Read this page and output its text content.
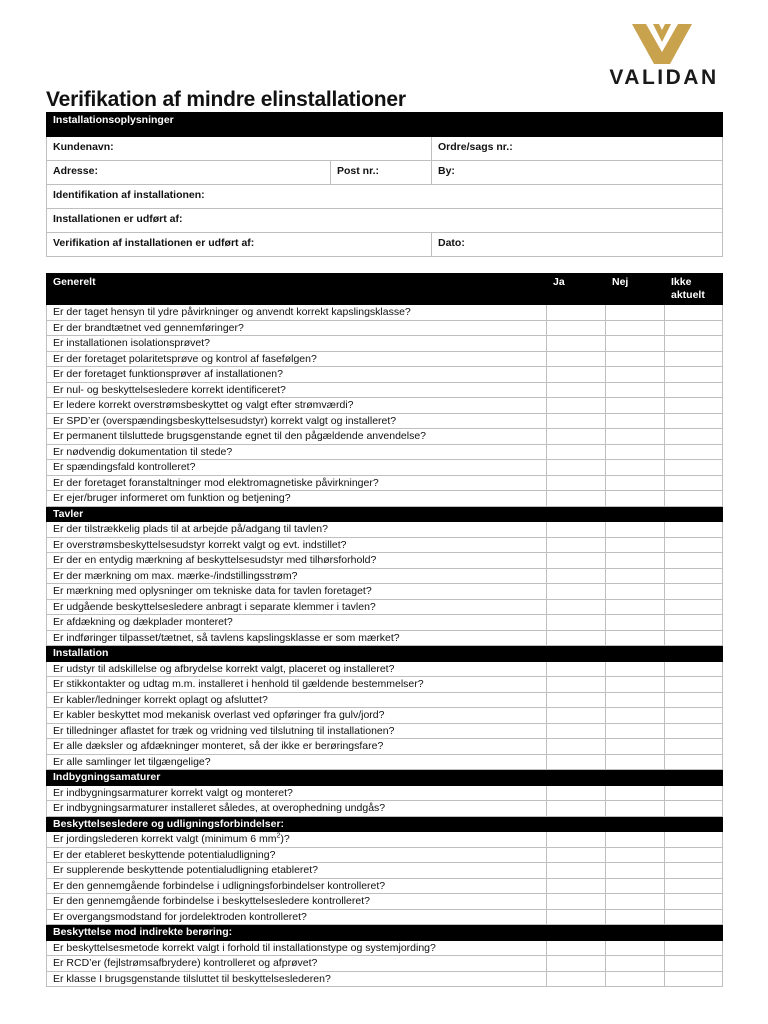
VALIDAN
Verifikation af mindre elinstallationer
Installationsoplysninger		
Kundenavn:		Ordre/sags nr.:
Adresse:	Post nr.:	By:
Identifikation af installationen:		
Installationen er udført af:		
Verifikation af installationen er udført af:		Dato:
Generelt	Ja	Nej	Ikke aktuelt
Er der taget hensyn til ydre påvirkninger og anvendt korrekt kapslingsklasse?			
Er der brandtætnet ved gennemføringer?			
Er installationen isolationsprøvet?			
Er der foretaget polaritetsprøve og kontrol af fasefølgen?			
Er der foretaget funktionsprøver af installationen?			
Er nul- og beskyttelsesledere korrekt identificeret?			
Er ledere korrekt overstrømsbeskyttet og valgt efter strømværdi?			
Er SPD’er (overspændingsbeskyttelsesudstyr) korrekt valgt og installeret?			
Er permanent tilsluttede brugsgenstande egnet til den pågældende anvendelse?			
Er nødvendig dokumentation til stede?			
Er spændingsfald kontrolleret?			
Er der foretaget foranstaltninger mod elektromagnetiske påvirkninger?			
Er ejer/bruger informeret om funktion og betjening?			
Tavler			
Er der tilstrækkelig plads til at arbejde på/adgang til tavlen?			
Er overstrømsbeskyttelsesudstyr korrekt valgt og evt. indstillet?			
Er der en entydig mærkning af beskyttelsesudstyr med tilhørsforhold?			
Er der mærkning om max. mærke-/indstillingsstrøm?			
Er mærkning med oplysninger om tekniske data for tavlen foretaget?			
Er udgående beskyttelsesledere anbragt i separate klemmer i tavlen?			
Er afdækning og dækplader monteret?			
Er indføringer tilpasset/tætnet, så tavlens kapslingsklasse er som mærket?			
Installation			
Er udstyr til adskillelse og afbrydelse korrekt valgt, placeret og installeret?			
Er stikkontakter og udtag m.m. installeret i henhold til gældende bestemmelser?			
Er kabler/ledninger korrekt oplagt og afsluttet?			
Er kabler beskyttet mod mekanisk overlast ved opføringer fra gulv/jord?			
Er tilledninger aflastet for træk og vridning ved tilslutning til installationen?			
Er alle dæksler og afdækninger monteret, så der ikke er berøringsfare?			
Er alle samlinger let tilgængelige?			
Indbygningsamaturer			
Er indbygningsarmaturer korrekt valgt og monteret?			
Er indbygningsarmaturer installeret således, at overophedning undgås?			
Beskyttelsesledere og udligningsforbindelser:			
Er jordingslederen korrekt valgt (minimum 6 $mm^2$)?			
Er der etableret beskyttende potentialudligning?			
Er supplerende beskyttende potentialudligning etableret?			
Er den gennemgående forbindelse i udligningsforbindelser kontrolleret?			
Er den gennemgående forbindelse i beskyttelsesledere kontrolleret?			
Er overgangsmodstand for jordelektroden kontrolleret?			
Beskyttelse mod indirekte berøring:			
Er beskyttelsesmetode korrekt valgt i forhold til installationstype og systemjording?			
Er RCD’er (fejlstrømsafbrydere) kontrolleret og afprøvet?			
Er klasse I brugsgenstande tilsluttet til beskyttelseslederen?			
